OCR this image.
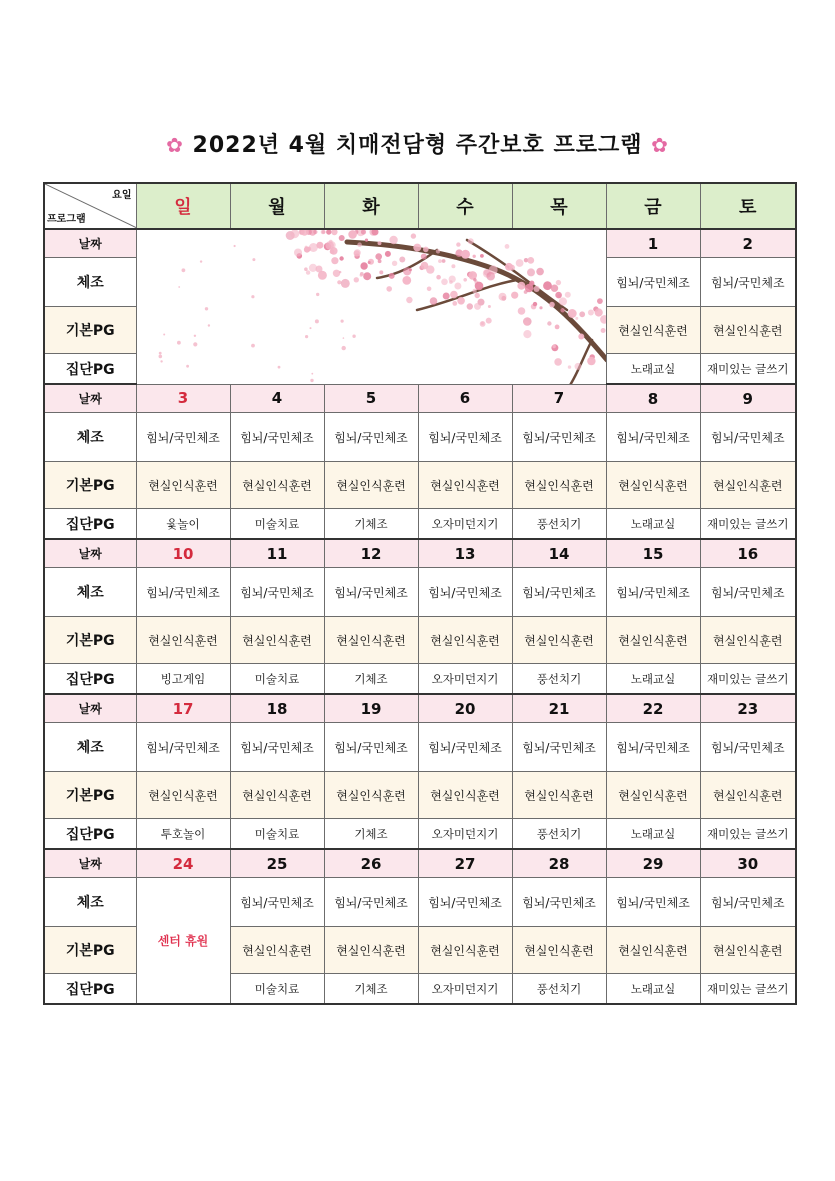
✿ 2022년 4월 치매전담형 주간보호 프로그램 ✿
요일
프로그램	일	월	화	수	목	금	토
날짜						1	2
체조						힘뇌/국민체조	힘뇌/국민체조
기본PG						현실인식훈련	현실인식훈련
집단PG						노래교실	재미있는 글쓰기
날짜	3	4	5	6	7	8	9
체조	힘뇌/국민체조	힘뇌/국민체조	힘뇌/국민체조	힘뇌/국민체조	힘뇌/국민체조	힘뇌/국민체조	힘뇌/국민체조
기본PG	현실인식훈련	현실인식훈련	현실인식훈련	현실인식훈련	현실인식훈련	현실인식훈련	현실인식훈련
집단PG	윷놀이	미술치료	기체조	오자미던지기	풍선치기	노래교실	재미있는 글쓰기
날짜	10	11	12	13	14	15	16
체조	힘뇌/국민체조	힘뇌/국민체조	힘뇌/국민체조	힘뇌/국민체조	힘뇌/국민체조	힘뇌/국민체조	힘뇌/국민체조
기본PG	현실인식훈련	현실인식훈련	현실인식훈련	현실인식훈련	현실인식훈련	현실인식훈련	현실인식훈련
집단PG	빙고게임	미술치료	기체조	오자미던지기	풍선치기	노래교실	재미있는 글쓰기
날짜	17	18	19	20	21	22	23
체조	힘뇌/국민체조	힘뇌/국민체조	힘뇌/국민체조	힘뇌/국민체조	힘뇌/국민체조	힘뇌/국민체조	힘뇌/국민체조
기본PG	현실인식훈련	현실인식훈련	현실인식훈련	현실인식훈련	현실인식훈련	현실인식훈련	현실인식훈련
집단PG	투호놀이	미술치료	기체조	오자미던지기	풍선치기	노래교실	재미있는 글쓰기
날짜	24	25	26	27	28	29	30
체조	센터 휴원	힘뇌/국민체조	힘뇌/국민체조	힘뇌/국민체조	힘뇌/국민체조	힘뇌/국민체조	힘뇌/국민체조
기본PG		현실인식훈련	현실인식훈련	현실인식훈련	현실인식훈련	현실인식훈련	현실인식훈련
집단PG		미술치료	기체조	오자미던지기	풍선치기	노래교실	재미있는 글쓰기
